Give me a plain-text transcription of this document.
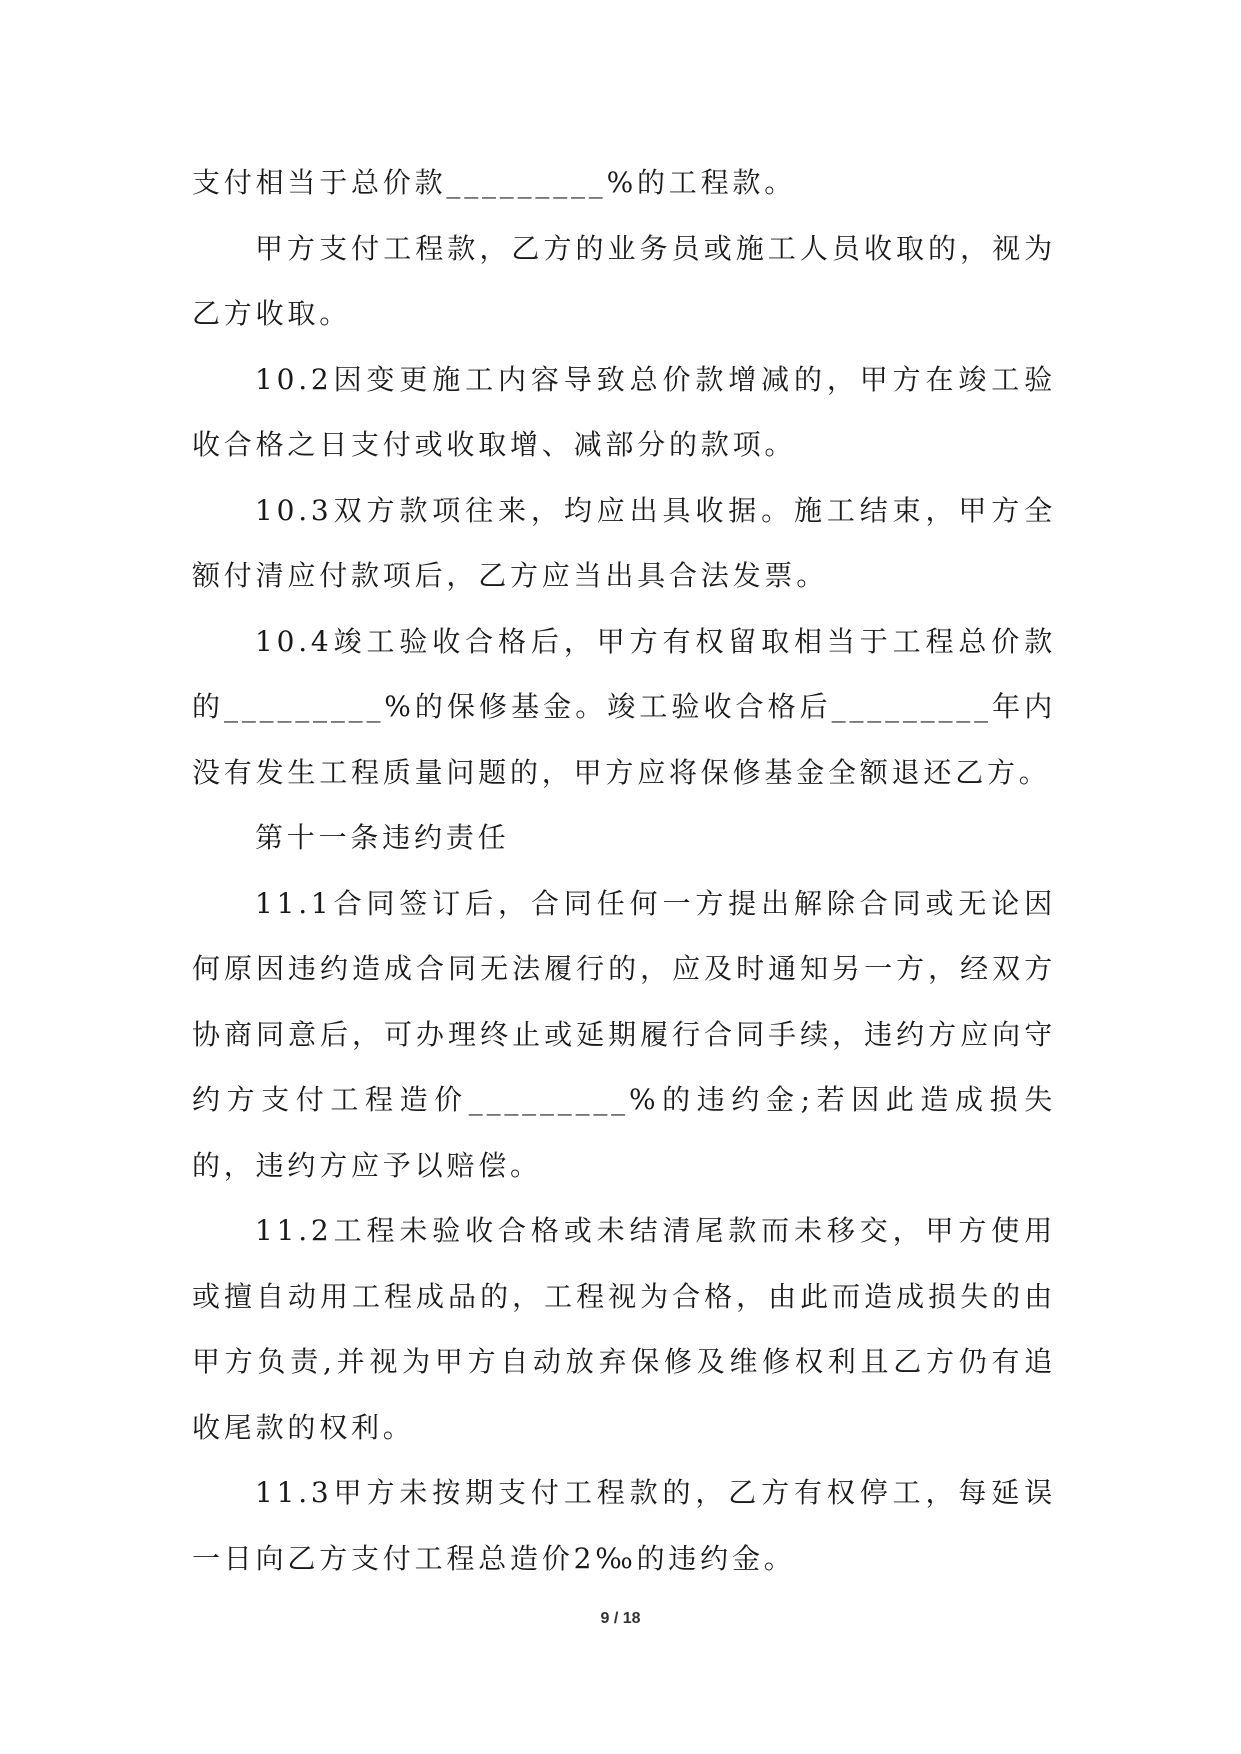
支付相当于总价款_________%的工程款。

甲方支付工程款，乙方的业务员或施工人员收取的，视为乙方收取。

10.2因变更施工内容导致总价款增减的，甲方在竣工验收合格之日支付或收取增、减部分的款项。

10.3双方款项往来，均应出具收据。施工结束，甲方全额付清应付款项后，乙方应当出具合法发票。

10.4竣工验收合格后，甲方有权留取相当于工程总价款的_________%的保修基金。竣工验收合格后_________年内没有发生工程质量问题的，甲方应将保修基金全额退还乙方。

第十一条违约责任

11.1合同签订后，合同任何一方提出解除合同或无论因何原因违约造成合同无法履行的，应及时通知另一方，经双方协商同意后，可办理终止或延期履行合同手续，违约方应向守约方支付工程造价_________%的违约金;若因此造成损失的，违约方应予以赔偿。

11.2工程未验收合格或未结清尾款而未移交，甲方使用或擅自动用工程成品的，工程视为合格，由此而造成损失的由甲方负责,并视为甲方自动放弃保修及维修权利且乙方仍有追收尾款的权利。

11.3甲方未按期支付工程款的，乙方有权停工，每延误一日向乙方支付工程总造价2‰的违约金。

9 / 18
